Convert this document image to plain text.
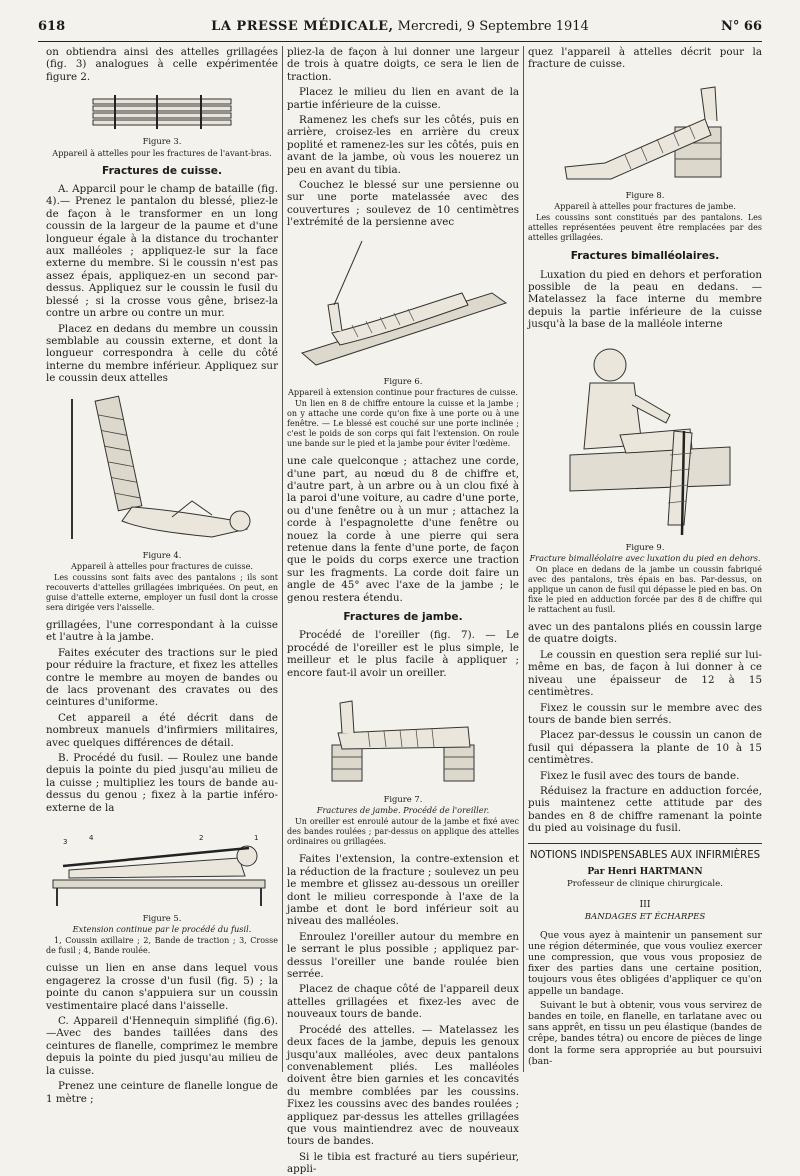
618	LA PRESSE MÉDICALE, Mercredi, 9 Septembre 1914	N° 66

on obtiendra ainsi des attelles grillagées (fig. 3) analogues à celle expérimentée figure 2.

Figure 3.
Appareil à attelles pour les fractures de l'avant-bras.
Fractures de cuisse.

A. Apparcil pour le champ de bataille (fig. 4).— Prenez le pantalon du blessé, pliez-le de façon à le transformer en un long coussin de la largeur de la paume et d'une longueur égale à la distance du trochanter aux malléoles ; appliquez-le sur la face externe du membre. Si le coussin n'est pas assez épais, appliquez-en un second par-dessus. Appliquez sur le coussin le fusil du blessé ; si la crosse vous gêne, brisez-la contre un arbre ou contre un mur.

Placez en dedans du membre un coussin semblable au coussin externe, et dont la longueur correspondra à celle du côté interne du membre inférieur. Appliquez sur le coussin deux attelles

Figure 4.
Appareil à attelles pour fractures de cuisse.
Les coussins sont faits avec des pantalons ; ils sont recouverts d'attelles grillagées imbriquées. On peut, en guise d'attelle externe, employer un fusil dont la crosse sera dirigée vers l'aisselle.

grillagées, l'une correspondant à la cuisse et l'autre à la jambe.

Faites exécuter des tractions sur le pied pour réduire la fracture, et fixez les attelles contre le membre au moyen de bandes ou de lacs provenant des cravates ou des ceintures d'uniforme.

Cet appareil a été décrit dans de nombreux manuels d'infirmiers militaires, avec quelques différences de détail.

B. Procédé du fusil. — Roulez une bande depuis la pointe du pied jusqu'au milieu de la cuisse ; multipliez les tours de bande au-dessus du genou ; fixez à la partie inféro-externe de la

3	4	2	1
Figure 5.
Extension continue par le procédé du fusil.
1, Coussin axillaire ; 2, Bande de traction ; 3, Crosse de fusil ; 4, Bande roulée.

cuisse un lien en anse dans lequel vous engagerez la crosse d'un fusil (fig. 5) ; la pointe du canon s'appuiera sur un coussin vestimentaire placé dans l'aisselle.

C. Appareil d'Hennequin simplifié (fig.6).—Avec des bandes taillées dans des ceintures de flanelle, comprimez le membre depuis la pointe du pied jusqu'au milieu de la cuisse.

Prenez une ceinture de flanelle longue de 1 mètre ;

pliez-la de façon à lui donner une largeur de trois à quatre doigts, ce sera le lien de traction.

Placez le milieu du lien en avant de la partie inférieure de la cuisse.

Ramenez les chefs sur les côtés, puis en arrière, croisez-les en arrière du creux poplité et ramenez-les sur les côtés, puis en avant de la jambe, où vous les nouerez un peu en avant du tibia.

Couchez le blessé sur une persienne ou sur une porte matelassée avec des couvertures ; soulevez de 10 centimètres l'extrémité de la persienne avec

Figure 6.
Appareil à extension continue pour fractures de cuisse.
Un lien en 8 de chiffre entoure la cuisse et la jambe ; on y attache une corde qu'on fixe à une porte ou à une fenêtre. — Le blessé est couché sur une porte inclinée ; c'est le poids de son corps qui fait l'extension. On roule une bande sur le pied et la jambe pour éviter l'œdème.

une cale quelconque ; attachez une corde, d'une part, au nœud du 8 de chiffre et, d'autre part, à un arbre ou à un clou fixé à la paroi d'une voiture, au cadre d'une porte, ou d'une fenêtre ou à un mur ; attachez la corde à l'espagnolette d'une fenêtre ou nouez la corde à une pierre qui sera retenue dans la fente d'une porte, de façon que le poids du corps exerce une traction sur les fragments. La corde doit faire un angle de 45° avec l'axe de la jambe ; le genou restera étendu.

Fractures de jambe.

Procédé de l'oreiller (fig. 7). — Le procédé de l'oreiller est le plus simple, le meilleur et le plus facile à appliquer ; encore faut-il avoir un oreiller.

Figure 7.
Fractures de jambe. Procédé de l'oreiller.
Un oreiller est enroulé autour de la jambe et fixé avec des bandes roulées ; par-dessus on applique des attelles ordinaires ou grillagées.

Faites l'extension, la contre-extension et la réduction de la fracture ; soulevez un peu le membre et glissez au-dessous un oreiller dont le milieu corresponde à l'axe de la jambe et dont le bord inférieur soit au niveau des malléoles.

Enroulez l'oreiller autour du membre en le serrant le plus possible ; appliquez par-dessus l'oreiller une bande roulée bien serrée.

Placez de chaque côté de l'appareil deux attelles grillagées et fixez-les avec de nouveaux tours de bande.

Procédé des attelles. — Matelassez les deux faces de la jambe, depuis les genoux jusqu'aux malléoles, avec deux pantalons convenablement pliés. Les malléoles doivent être bien garnies et les concavités du membre comblées par les coussins. Fixez les coussins avec des bandes roulées ; appliquez par-dessus les attelles grillagées que vous maintiendrez avec de nouveaux tours de bandes.

Si le tibia est fracturé au tiers supérieur, appli-

quez l'appareil à attelles décrit pour la fracture de cuisse.

Figure 8.
Appareil à attelles pour fractures de jambe.
Les coussins sont constitués par des pantalons. Les attelles représentées peuvent être remplacées par des attelles grillagées.
Fractures bimalléolaires.

Luxation du pied en dehors et perforation possible de la peau en dedans. — Matelassez la face interne du membre depuis la partie inférieure de la cuisse jusqu'à la base de la malléole interne

Figure 9.
Fracture bimalléolaire avec luxation du pied en dehors.
On place en dedans de la jambe un coussin fabriqué avec des pantalons, très épais en bas. Par-dessus, on applique un canon de fusil qui dépasse le pied en bas. On fixe le pied en adduction forcée par des 8 de chiffre qui le rattachent au fusil.

avec un des pantalons pliés en coussin large de quatre doigts.

Le coussin en question sera replié sur lui-même en bas, de façon à lui donner à ce niveau une épaisseur de 12 à 15 centimètres.

Fixez le coussin sur le membre avec des tours de bande bien serrés.

Placez par-dessus le coussin un canon de fusil qui dépassera la plante de 10 à 15 centimètres.

Fixez le fusil avec des tours de bande.

Réduisez la fracture en adduction forcée, puis maintenez cette attitude par des bandes en 8 de chiffre ramenant la pointe du pied au voisinage du fusil.

NOTIONS INDISPENSABLES AUX INFIRMIÈRES
Par Henri HARTMANN
Professeur de clinique chirurgicale.
III
BANDAGES ET ÉCHARPES

Que vous ayez à maintenir un pansement sur une région déterminée, que vous vouliez exercer une compression, que vous vous proposiez de fixer des parties dans une certaine position, toujours vous êtes obligées d'appliquer ce qu'on appelle un bandage.

Suivant le but à obtenir, vous vous servirez de bandes en toile, en flanelle, en tarlatane avec ou sans apprêt, en tissu un peu élastique (bandes de crêpe, bandes tétra) ou encore de pièces de linge dont la forme sera appropriée au but poursuivi (ban-
